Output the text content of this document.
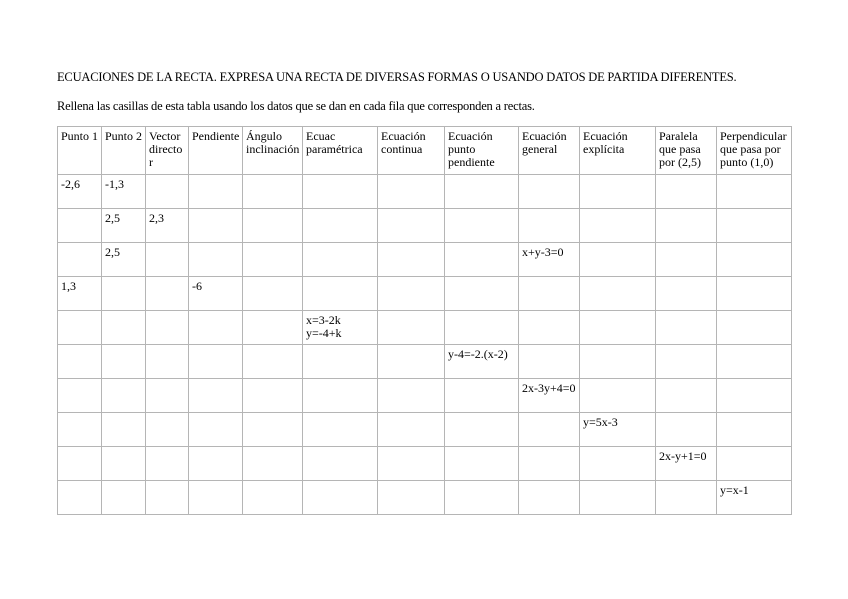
ECUACIONES DE LA RECTA. EXPRESA UNA RECTA DE DIVERSAS FORMAS O USANDO DATOS DE PARTIDA DIFERENTES.
Rellena las casillas de esta tabla usando los datos que se dan en cada fila que corresponden a rectas.
Punto 1	Punto 2	Vector director	Pendiente	Ángulo inclinación	Ecuac paramétrica	Ecuación continua	Ecuación punto pendiente	Ecuación general	Ecuación explícita	Paralela que pasa por (2,5)	Perpendicular que pasa por punto (1,0)
-2,6	-1,3										
	2,5	2,3									
	2,5							x+y-3=0			
1,3			-6								
					x=3-2k
y=-4+k						
							y-4=-2.(x-2)				
								2x-3y+4=0			
									y=5x-3		
										2x-y+1=0	
											y=x-1
